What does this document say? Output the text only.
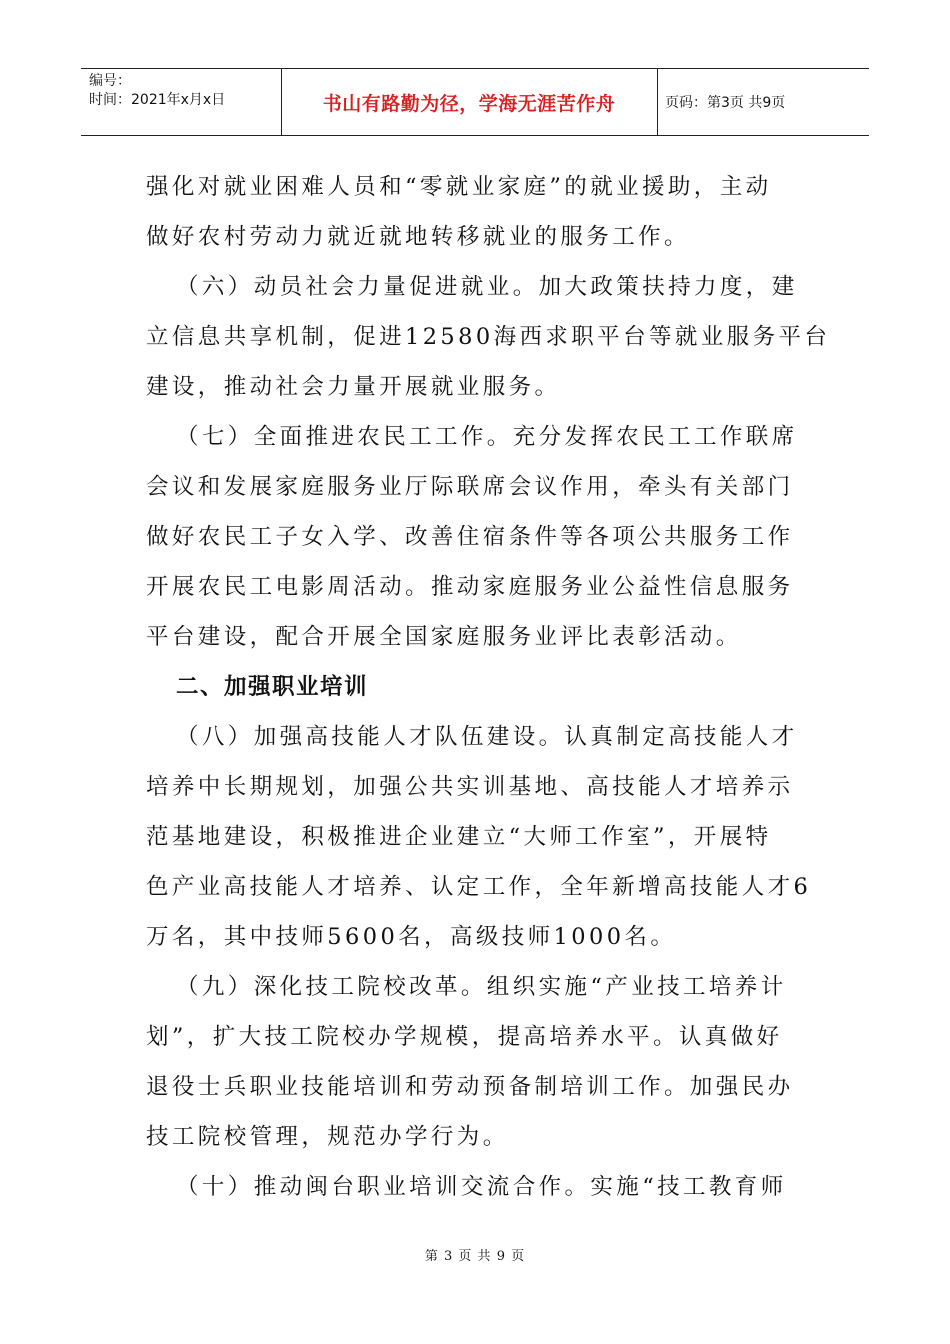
编号：
时间：2021年x月x日	书山有路勤为径，学海无涯苦作舟	页码：第3页 共9页
强化对就业困难人员和“零就业家庭”的就业援助，主动
做好农村劳动力就近就地转移就业的服务工作。
（六）动员社会力量促进就业。加大政策扶持力度，建
立信息共享机制，促进12580海西求职平台等就业服务平台
建设，推动社会力量开展就业服务。
（七）全面推进农民工工作。充分发挥农民工工作联席
会议和发展家庭服务业厅际联席会议作用，牵头有关部门
做好农民工子女入学、改善住宿条件等各项公共服务工作
开展农民工电影周活动。推动家庭服务业公益性信息服务
平台建设，配合开展全国家庭服务业评比表彰活动。
二、加强职业培训
（八）加强高技能人才队伍建设。认真制定高技能人才
培养中长期规划，加强公共实训基地、高技能人才培养示
范基地建设，积极推进企业建立“大师工作室”，开展特
色产业高技能人才培养、认定工作，全年新增高技能人才6
万名，其中技师5600名，高级技师1000名。
（九）深化技工院校改革。组织实施“产业技工培养计
划”，扩大技工院校办学规模，提高培养水平。认真做好
退役士兵职业技能培训和劳动预备制培训工作。加强民办
技工院校管理，规范办学行为。
（十）推动闽台职业培训交流合作。实施“技工教育师
第 3 页 共 9 页
